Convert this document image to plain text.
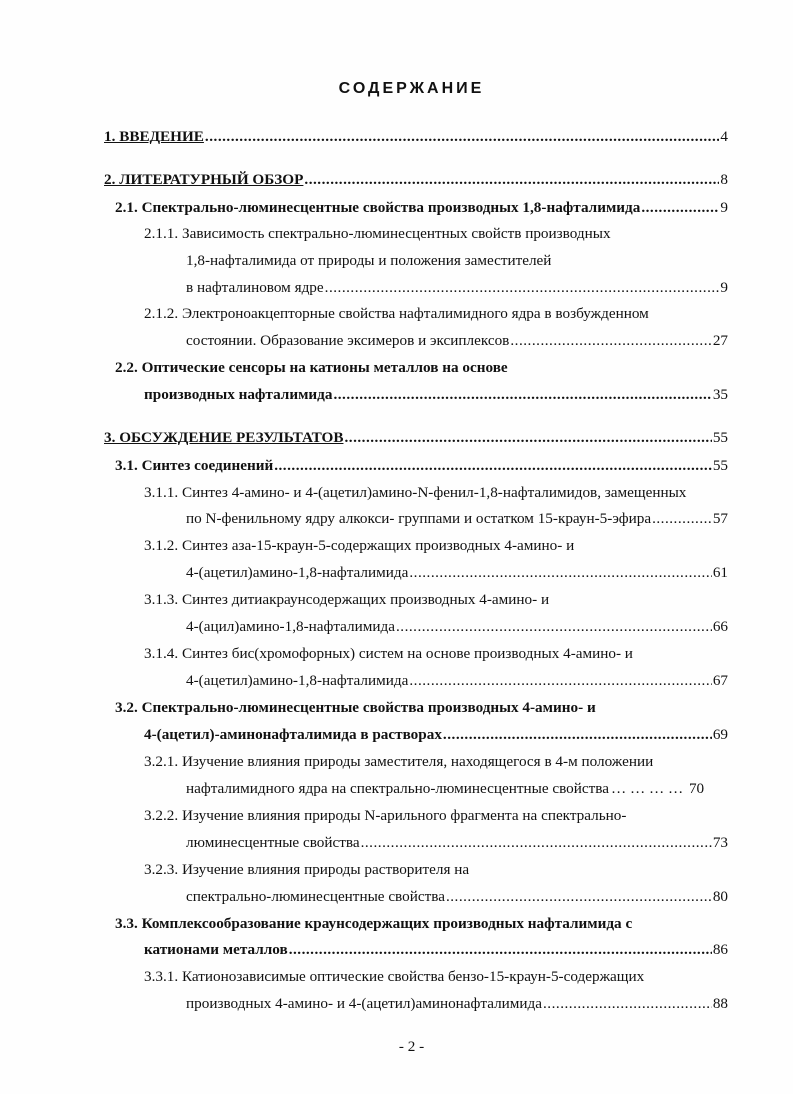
СОДЕРЖАНИЕ
1. ВВЕДЕНИЕ .....	4
2. ЛИТЕРАТУРНЫЙ ОБЗОР .....	8
2.1. Спектрально-люминесцентные свойства производных 1,8-нафталимида .....	9
2.1.1. Зависимость спектрально-люминесцентных свойств производных
1,8-нафталимида от природы и положения заместителей
в нафталиновом ядре .....	9
2.1.2. Электроноакцепторные свойства нафталимидного ядра в возбужденном
состоянии. Образование эксимеров и эксиплексов .....	27
2.2. Оптические сенсоры на катионы металлов на основе
производных нафталимида .....	35
3. ОБСУЖДЕНИЕ РЕЗУЛЬТАТОВ .....	55
3.1. Синтез соединений .....	55
3.1.1. Синтез 4-амино- и 4-(ацетил)амино-N-фенил-1,8-нафталимидов, замещенных
по N-фенильному ядру алкокси- группами и остатком 15-краун-5-эфира .....	57
3.1.2. Синтез аза-15-краун-5-содержащих производных 4-амино- и
4-(ацетил)амино-1,8-нафталимида .....	61
3.1.3. Синтез дитиакраунсодержащих производных 4-амино- и
4-(ацил)амино-1,8-нафталимида .....	66
3.1.4. Синтез бис(хромофорных) систем на основе производных 4-амино- и
4-(ацетил)амино-1,8-нафталимида .....	67
3.2. Спектрально-люминесцентные свойства производных 4-амино- и
4-(ацетил)-аминонафталимида в растворах .....	69
3.2.1. Изучение влияния природы заместителя, находящегося в 4-м положении
нафталимидного ядра на спектрально-люминесцентные свойства … … … … 70
3.2.2. Изучение влияния природы N-арильного фрагмента на спектрально-
люминесцентные свойства .....	73
3.2.3. Изучение влияния природы растворителя на
спектрально-люминесцентные свойства .....	80
3.3. Комплексообразование краунсодержащих производных нафталимида с
катионами металлов .....	86
3.3.1. Катионозависимые оптические свойства бензо-15-краун-5-содержащих
производных 4-амино- и 4-(ацетил)аминонафталимида .....	88
- 2 -
